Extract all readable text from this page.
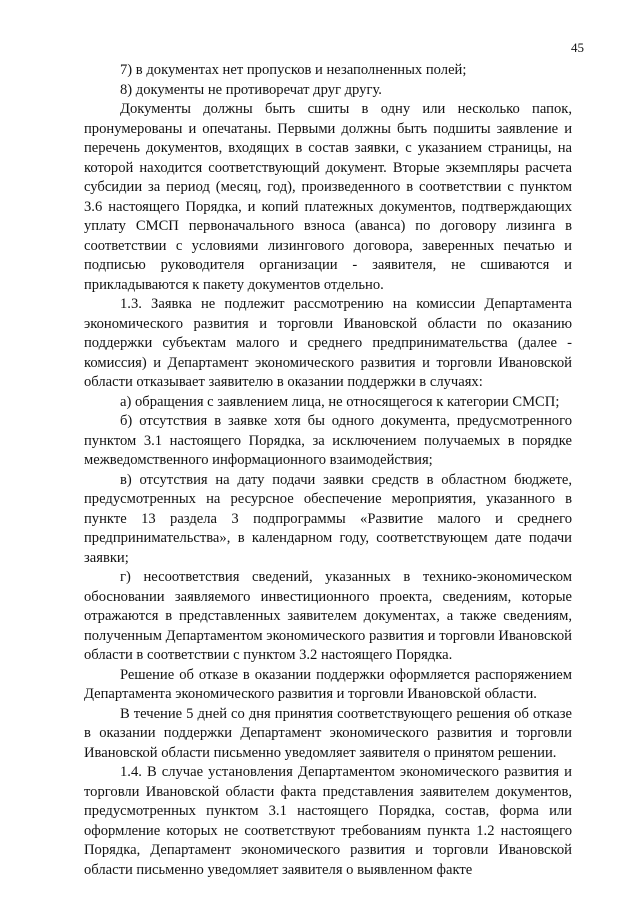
45

7) в документах нет пропусков и незаполненных полей;

8) документы не противоречат друг другу.

Документы должны быть сшиты в одну или несколько папок, пронумерованы и опечатаны. Первыми должны быть подшиты заявление и перечень документов, входящих в состав заявки, с указанием страницы, на которой находится соответствующий документ. Вторые экземпляры расчета субсидии за период (месяц, год), произведенного в соответствии с пунктом 3.6 настоящего Порядка, и копий платежных документов, подтверждающих уплату СМСП первоначального взноса (аванса) по договору лизинга в соответствии с условиями лизингового договора, заверенных печатью и подписью руководителя организации - заявителя, не сшиваются и прикладываются к пакету документов отдельно.

1.3. Заявка не подлежит рассмотрению на комиссии Департамента экономического развития и торговли Ивановской области по оказанию поддержки субъектам малого и среднего предпринимательства (далее - комиссия) и Департамент экономического развития и торговли Ивановской области отказывает заявителю в оказании поддержки в случаях:

а) обращения с заявлением лица, не относящегося к категории СМСП;

б) отсутствия в заявке хотя бы одного документа, предусмотренного пунктом 3.1 настоящего Порядка, за исключением получаемых в порядке межведомственного информационного взаимодействия;

в) отсутствия на дату подачи заявки средств в областном бюджете, предусмотренных на ресурсное обеспечение мероприятия, указанного в пункте 13 раздела 3 подпрограммы «Развитие малого и среднего предпринимательства», в календарном году, соответствующем дате подачи заявки;

г) несоответствия сведений, указанных в технико-экономическом обосновании заявляемого инвестиционного проекта, сведениям, которые отражаются в представленных заявителем документах, а также сведениям, полученным Департаментом экономического развития и торговли Ивановской области в соответствии с пунктом 3.2 настоящего Порядка.

Решение об отказе в оказании поддержки оформляется распоряжением Департамента экономического развития и торговли Ивановской области.

В течение 5 дней со дня принятия соответствующего решения об отказе в оказании поддержки Департамент экономического развития и торговли Ивановской области письменно уведомляет заявителя о принятом решении.

1.4. В случае установления Департаментом экономического развития и торговли Ивановской области факта представления заявителем документов, предусмотренных пунктом 3.1 настоящего Порядка, состав, форма или оформление которых не соответствуют требованиям пункта 1.2 настоящего Порядка, Департамент экономического развития и торговли Ивановской области письменно уведомляет заявителя о выявленном факте
